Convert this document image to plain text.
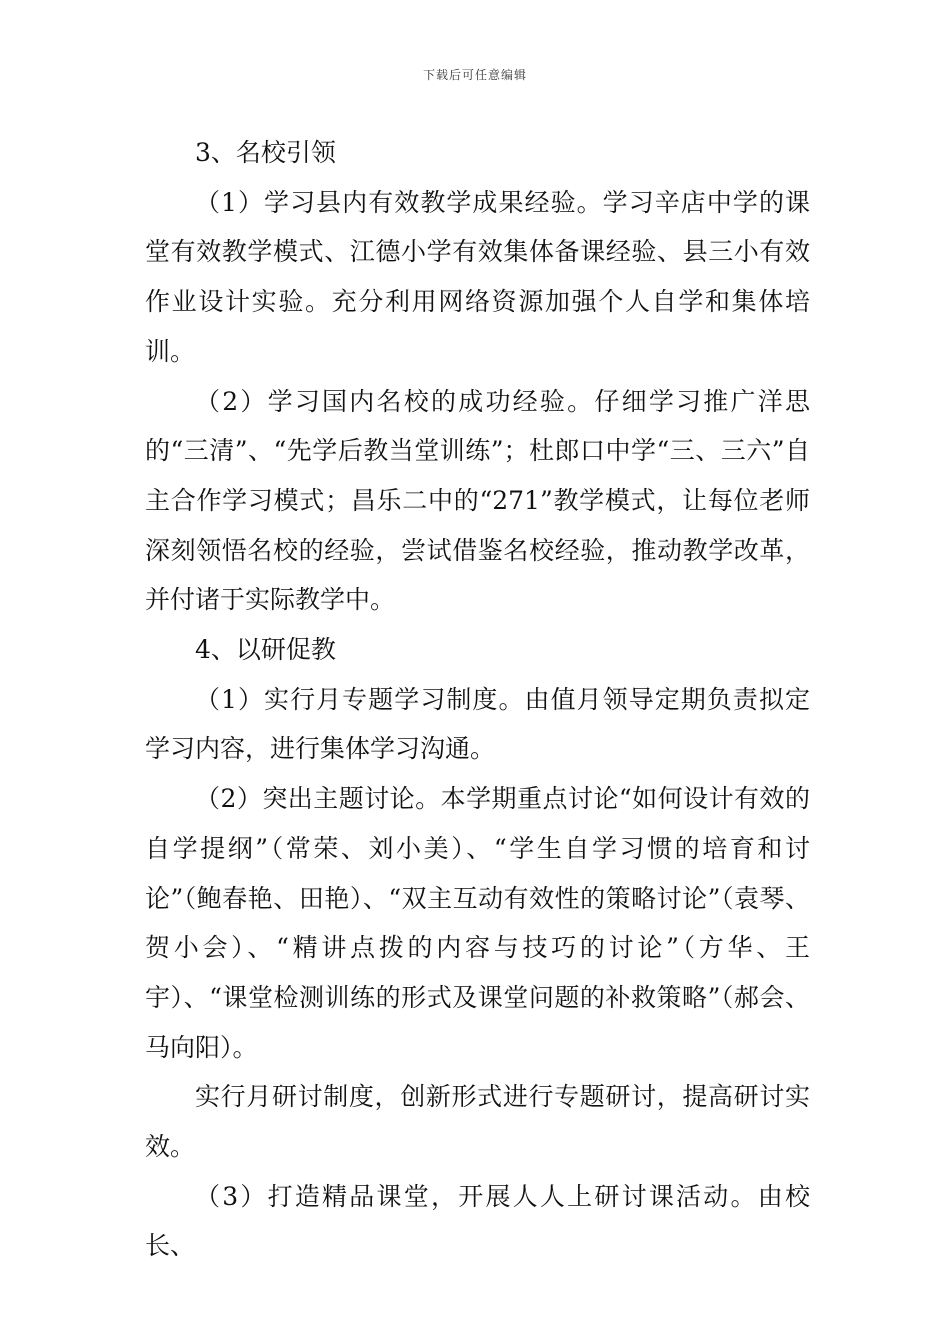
下载后可任意编辑

3、名校引领

（1）学习县内有效教学成果经验。学习辛店中学的课堂有效教学模式、江德小学有效集体备课经验、县三小有效作业设计实验。充分利用网络资源加强个人自学和集体培训。

（2）学习国内名校的成功经验。仔细学习推广洋思的“三清”、“先学后教当堂训练”；杜郎口中学“三、三六”自主合作学习模式；昌乐二中的“271”教学模式，让每位老师深刻领悟名校的经验，尝试借鉴名校经验，推动教学改革，并付诸于实际教学中。

4、以研促教

（1）实行月专题学习制度。由值月领导定期负责拟定学习内容，进行集体学习沟通。

（2）突出主题讨论。本学期重点讨论“如何设计有效的自学提纲”（常荣、刘小美）、“学生自学习惯的培育和讨论”（鲍春艳、田艳）、“双主互动有效性的策略讨论”（袁琴、贺小会）、“精讲点拨的内容与技巧的讨论”（方华、王宇）、“课堂检测训练的形式及课堂问题的补救策略”（郝会、马向阳）。

实行月研讨制度，创新形式进行专题研讨，提高研讨实效。

（3）打造精品课堂，开展人人上研讨课活动。由校长、
